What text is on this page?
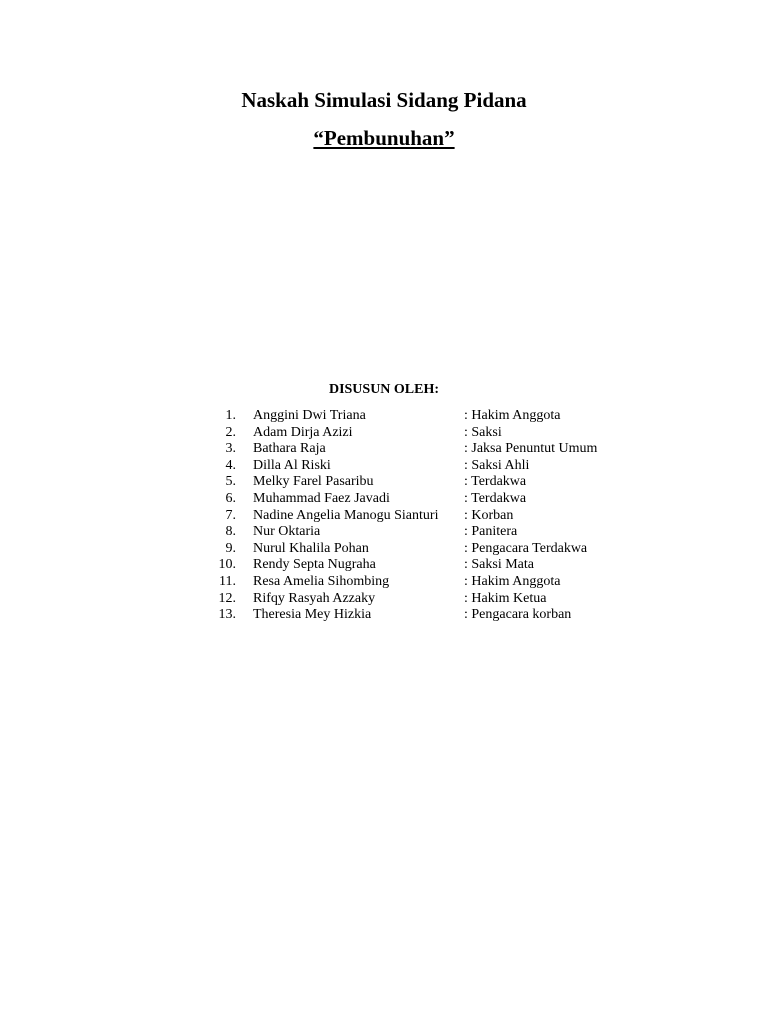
Naskah Simulasi Sidang Pidana
“Pembunuhan”
DISUSUN OLEH:
1. Anggini Dwi Triana	: Hakim Anggota
2. Adam Dirja Azizi	: Saksi
3. Bathara Raja	: Jaksa Penuntut Umum
4. Dilla Al Riski	: Saksi Ahli
5. Melky Farel Pasaribu	: Terdakwa
6. Muhammad Faez Javadi	: Terdakwa
7. Nadine Angelia Manogu Sianturi : Korban
8. Nur Oktaria	: Panitera
9. Nurul Khalila Pohan	: Pengacara Terdakwa
10. Rendy Septa Nugraha	: Saksi Mata
11. Resa Amelia Sihombing	: Hakim Anggota
12. Rifqy Rasyah Azzaky	: Hakim Ketua
13. Theresia Mey Hizkia	: Pengacara korban
